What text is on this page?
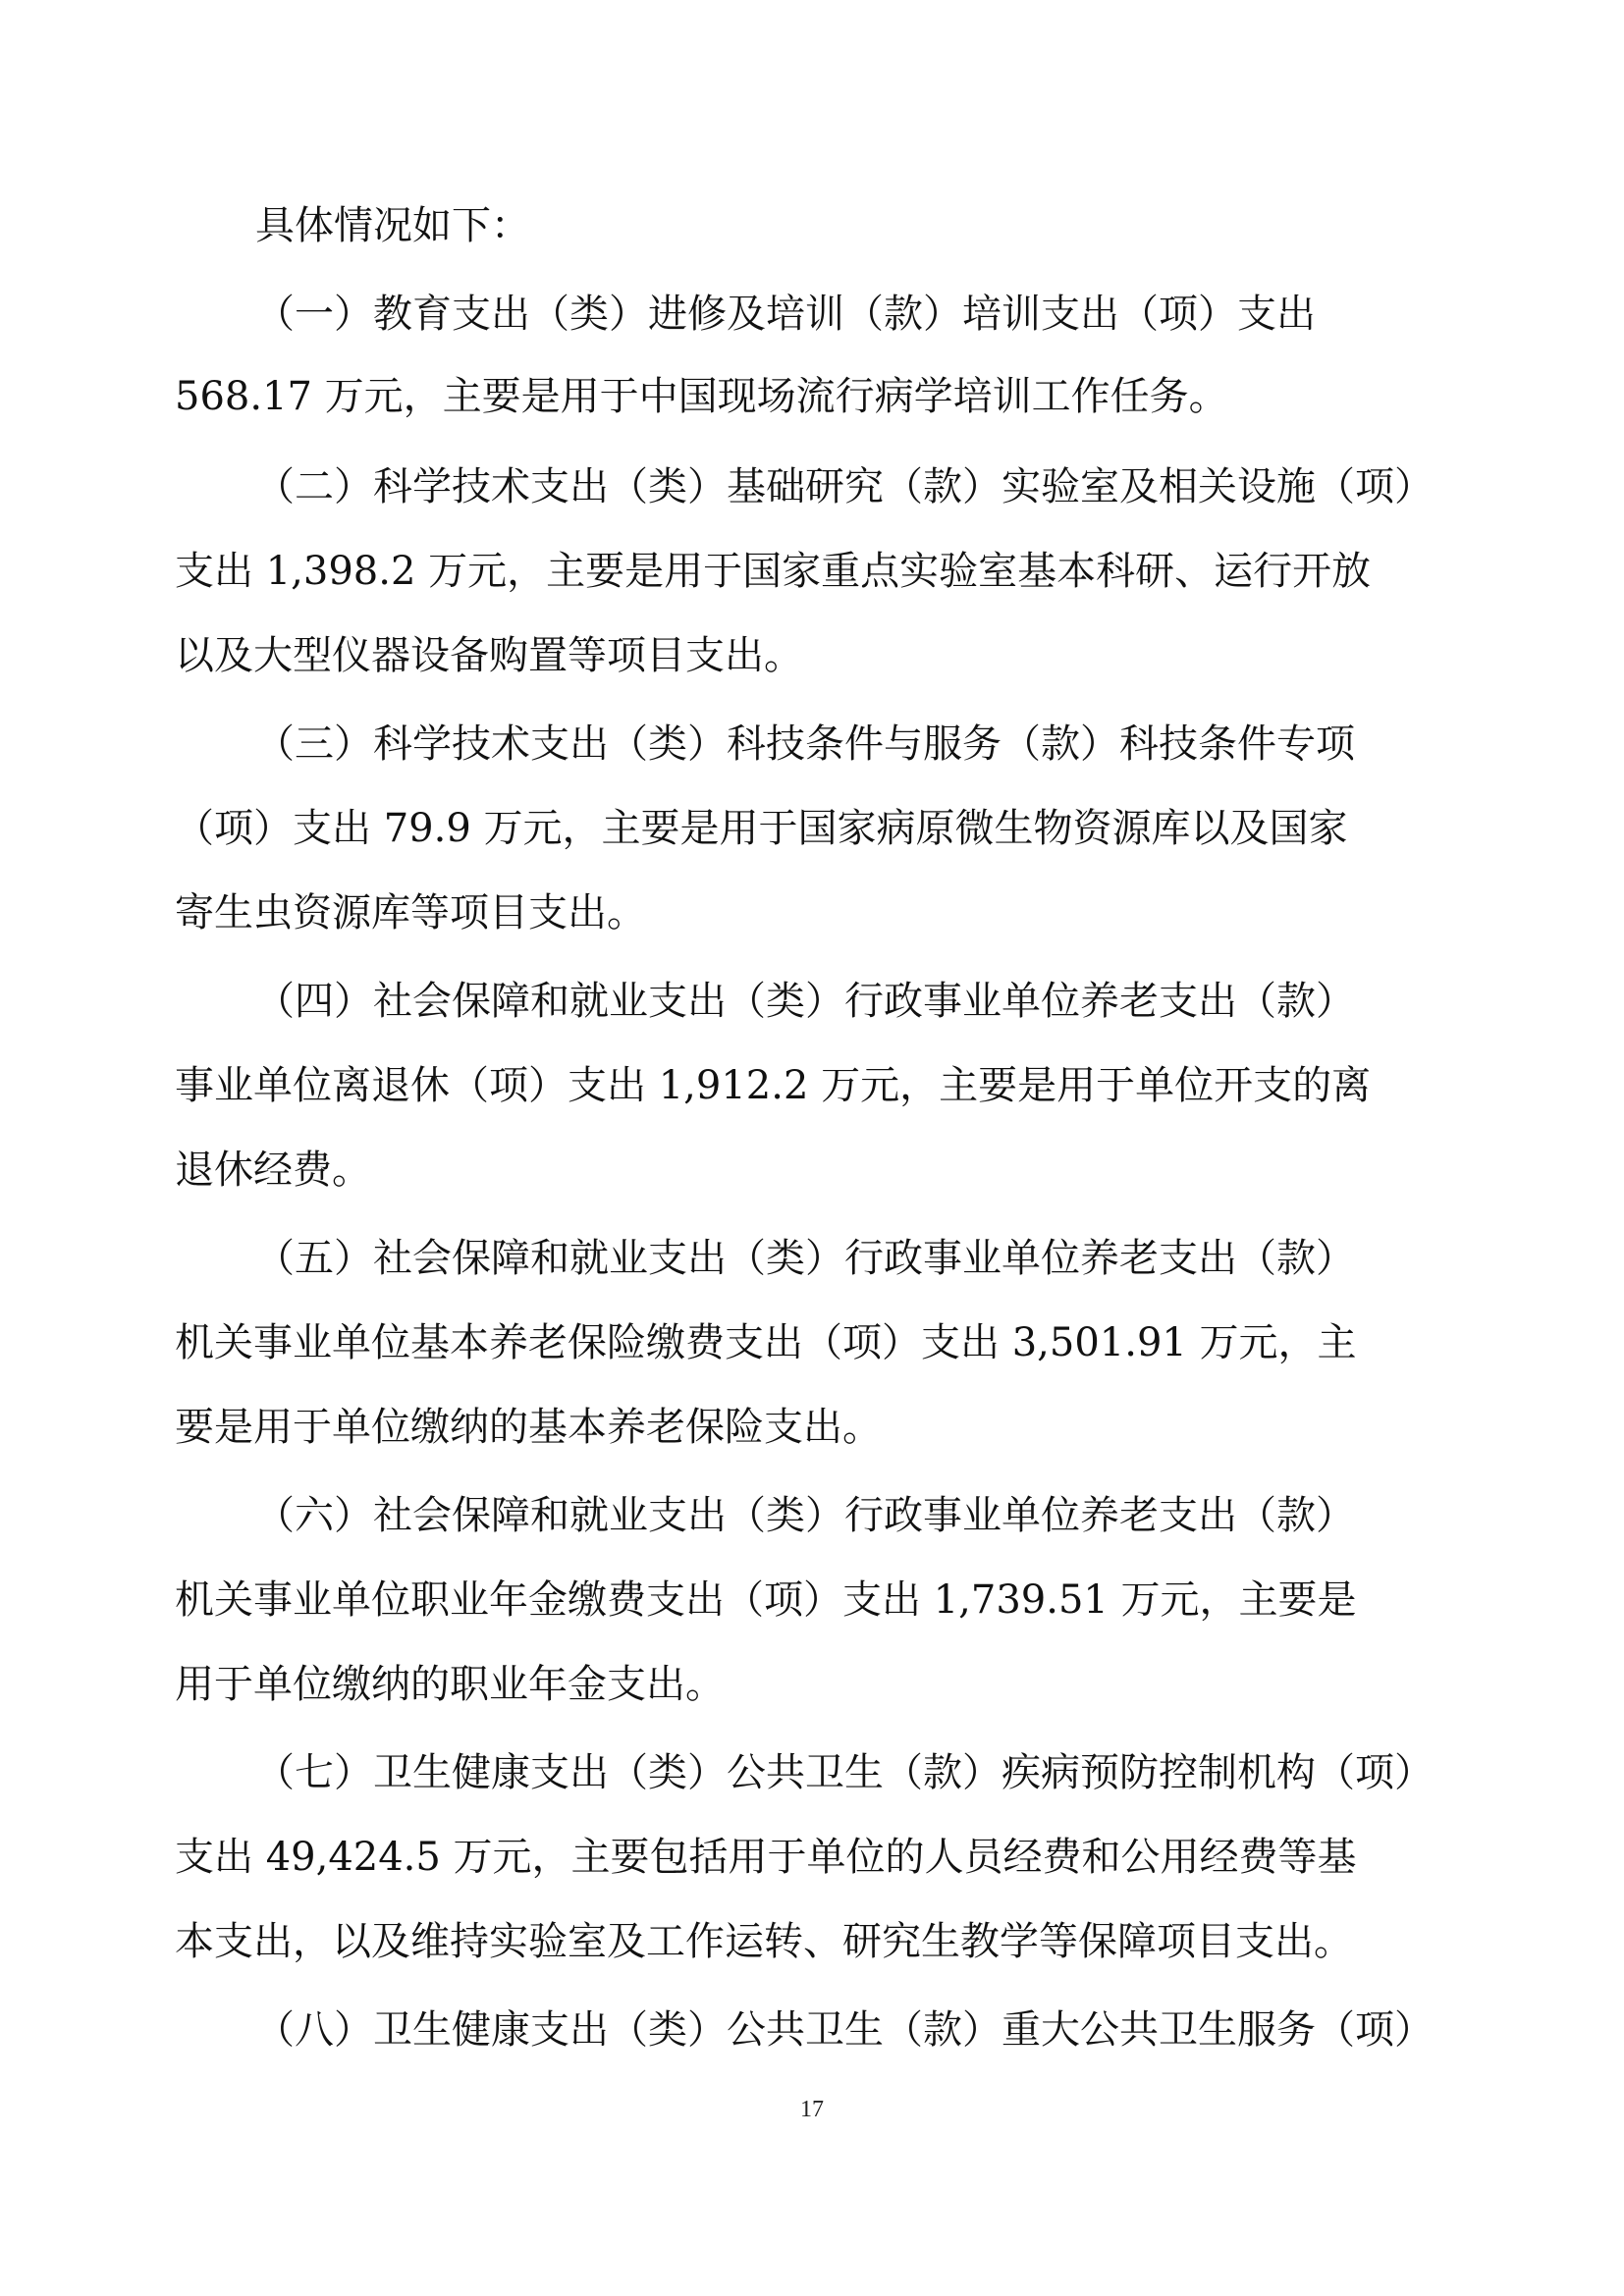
具体情况如下：
（一）教育支出（类）进修及培训（款）培训支出（项）支出
568.17 万元，主要是用于中国现场流行病学培训工作任务。
（二）科学技术支出（类）基础研究（款）实验室及相关设施（项）
支出 1,398.2 万元，主要是用于国家重点实验室基本科研、运行开放
以及大型仪器设备购置等项目支出。
（三）科学技术支出（类）科技条件与服务（款）科技条件专项
（项）支出 79.9 万元，主要是用于国家病原微生物资源库以及国家
寄生虫资源库等项目支出。
（四）社会保障和就业支出（类）行政事业单位养老支出（款）
事业单位离退休（项）支出 1,912.2 万元，主要是用于单位开支的离
退休经费。
（五）社会保障和就业支出（类）行政事业单位养老支出（款）
机关事业单位基本养老保险缴费支出（项）支出 3,501.91 万元，主
要是用于单位缴纳的基本养老保险支出。
（六）社会保障和就业支出（类）行政事业单位养老支出（款）
机关事业单位职业年金缴费支出（项）支出 1,739.51 万元，主要是
用于单位缴纳的职业年金支出。
（七）卫生健康支出（类）公共卫生（款）疾病预防控制机构（项）
支出 49,424.5 万元，主要包括用于单位的人员经费和公用经费等基
本支出，以及维持实验室及工作运转、研究生教学等保障项目支出。
（八）卫生健康支出（类）公共卫生（款）重大公共卫生服务（项）
17
